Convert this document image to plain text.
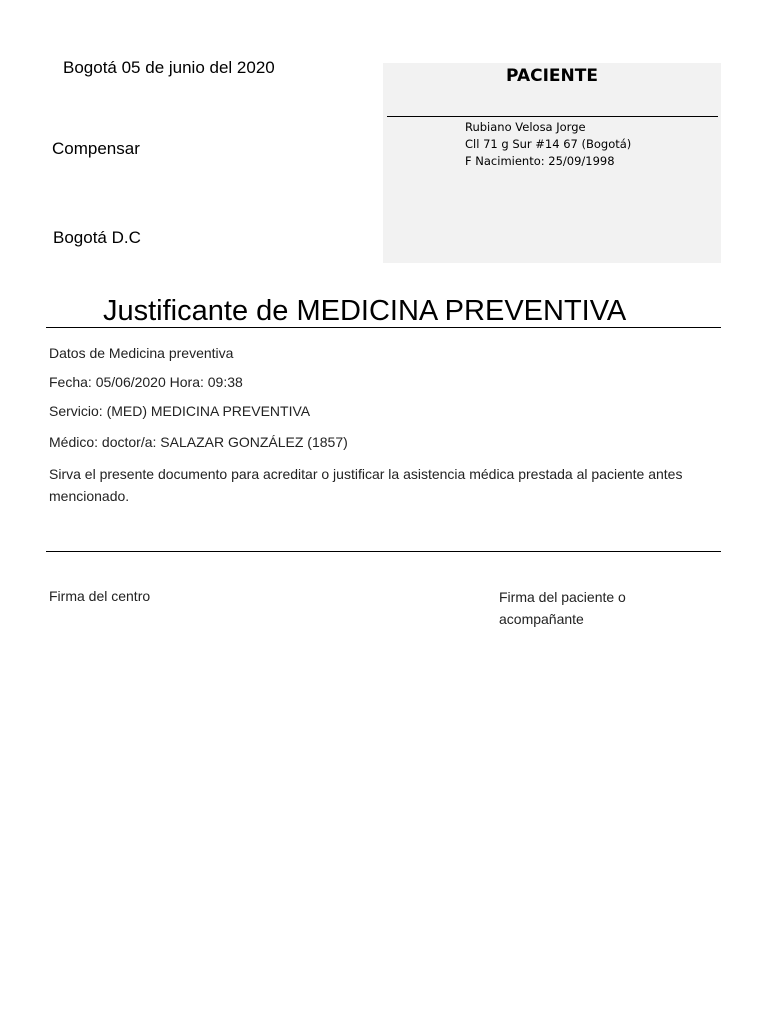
Bogotá 05 de junio del 2020
Compensar
Bogotá D.C
PACIENTE
Rubiano Velosa Jorge
Cll 71 g Sur #14 67 (Bogotá)
F Nacimiento: 25/09/1998
Justificante de MEDICINA PREVENTIVA
Datos de Medicina preventiva
Fecha: 05/06/2020 Hora: 09:38
Servicio: (MED) MEDICINA PREVENTIVA
Médico: doctor/a: SALAZAR GONZÁLEZ (1857)
Sirva el presente documento para acreditar o justificar la asistencia médica prestada al paciente antes mencionado.
Firma del centro	Firma del paciente o acompañante
